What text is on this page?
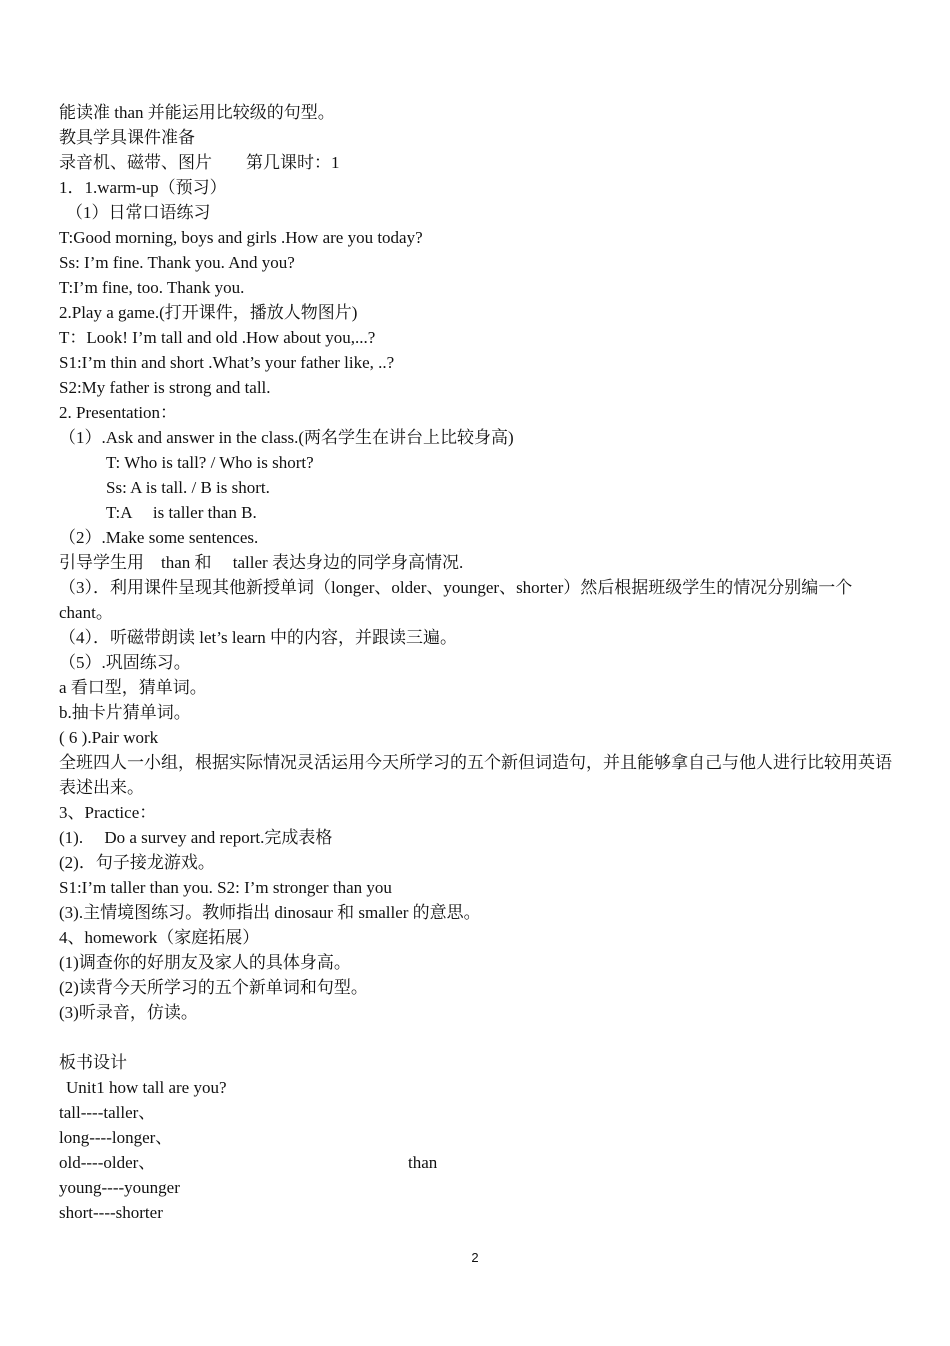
能读准 than 并能运用比较级的句型。
教具学具课件准备
录音机、磁带、图片　　第几课时：1
1．1.warm-up（预习）
（1）日常口语练习
T:Good morning, boys and girls .How are you today?
Ss: I’m fine. Thank you. And you?
T:I’m fine, too. Thank you.
2.Play a game.(打开课件，播放人物图片)
T：Look! I’m tall and old .How about you,...?
S1:I’m thin and short .What’s your father like, ..?
S2:My father is strong and tall.
2. Presentation：
（1）.Ask and answer in the class.(两名学生在讲台上比较身高)
T: Who is tall? / Who is short?
Ss: A is tall. / B is short.
T:A　 is taller than B.
（2）.Make some sentences.
引导学生用　than 和　 taller 表达身边的同学身高情况.
（3）．利用课件呈现其他新授单词（longer、older、younger、shorter）然后根据班级学生的情况分别编一个 chant。
（4）．听磁带朗读 let’s learn 中的内容，并跟读三遍。
（5）.巩固练习。
a 看口型，猜单词。
b.抽卡片猜单词。
( 6 ).Pair work
全班四人一小组，根据实际情况灵活运用今天所学习的五个新但词造句，并且能够拿自己与他人进行比较用英语表述出来。
3、Practice：
(1).　 Do a survey and report.完成表格
(2)．句子接龙游戏。
S1:I’m taller than you. S2: I’m stronger than you
(3).主情境图练习。教师指出 dinosaur 和 smaller 的意思。
4、homework（家庭拓展）
(1)调查你的好朋友及家人的具体身高。
(2)读背今天所学习的五个新单词和句型。
(3)听录音，仿读。
板书设计
Unit1 how tall are you?
tall----taller、
long----longer、
old----older、	than
young----younger
short----shorter
2
